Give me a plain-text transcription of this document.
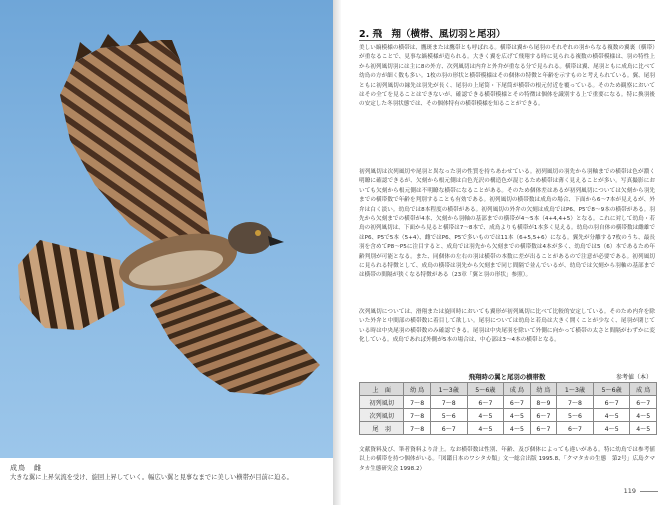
成鳥　雌
大きな翼に上昇気流を受け、旋回上昇していく。幅広い翼と見事なまでに美しい横帯が目前に迫る。
2. 飛　翔（横帯、風切羽と尾羽）
美しい縞模様の横帯は、鷹斑または鷹帯とも呼ばれる。横帯は翼から尾羽のそれぞれの羽からなる複数の翼裏（横帯）が重なることで、見事な縞模様が造られる。大きく翼を広げて飛翔する時に見られる複数の横帯模様は、羽の特性上から初列風切羽には主に8の外方、次列風切は内弁と外弁が重なる分で見られる。横帯は翼、尾羽ともに成鳥に比べて幼鳥の方が細く数も多い。1枚の羽の形状と横帯模様はその個体の特徴と年齢を示すものと考えられている。翼、尾羽ともに初列風切の縁先は羽先が長く、尾羽の上尾筒・下尾筒が横帯の根元付近を覆っている。そのため観察においてはその全てを見ることはできないが、確認できる横帯模様とその特徴は個体を識別する上で重要になる。特に換羽後の安定した冬羽状態では、その個体特有の横帯模様を知ることができる。
初列風切は次列風切や尾羽と異なった羽の性質を持ちあわせている。初列風切の羽先から羽軸までの横帯は色が濃く明瞭に確認できるが、欠刻から根元側は白色光沢の構造色が混じるため横帯は薄く見えることが多い。写真撮影においても欠刻から根元側は不明瞭な横帯になることがある。そのため個体差はあるが初列風切については欠刻から羽先までの横帯数で年齢を判別することも有効である。初列風切の横帯数は成鳥の場合、下面から6〜7本が見えるが、外弁は白く淡い。幼鳥では8本程度の横帯がある。初列風切の外弁の欠刻は成鳥ではP6、P5で8〜9本の横帯がある。羽先から欠刻までの横帯が4本、欠刻から羽軸の基部までの横帯が4〜5本（4+4,4+5）となる。これに対して幼鳥・若鳥の初列風切は、下面から見ると横帯は7〜8本で、成鳥よりも横帯が1本多く見える。幼鳥の羽自体の横帯数は雌雄ではP6、P5で5本（5+4）、雌ではP6、P5で多いものでは11本（6+5,5+6）になる。翼先が分離する7枚のうち、最長羽を含めてP8〜P5に注目すると、成鳥では羽先から欠刻までの横帯数は4本が多く、幼鳥では5（6）本であるため年齢判別が可能となる。また、同個体の左右の羽は横帯の本数に差が出ることがあるので注意が必要である。初列風切に見られる特徴として、成鳥の横帯は羽先から欠刻まで同じ間隔で並んでいるが、幼鳥では欠刻から羽軸の基部までは横帯の間隔が狭くなる特徴がある（23章「翼と羽の形状」参照）。
次列風切については、滑翔または旋回時においても翼形が初列風切に比べて比較的安定している。そのため内弁を除いた外弁と中間部の横帯数に着目して欲しい。尾羽については幼鳥と若鳥は大きく開くことが少なく、尾羽が閉じている時は中央尾羽の横帯数のみ確認できる。尾羽は中央尾羽を除いて外側に向かって横帯の太さと間隔がわずかに変化している。成鳥であれば外側が5本の場合は、中心部は3〜4本の横帯となる。
飛翔時の翼と尾羽の横帯数	参考値（本）
上　面	幼 鳥	1〜3歳	5〜6歳	成 鳥	幼 鳥	1〜3歳	5〜6歳	成 鳥
初列風切	7〜8	7〜8	6〜7	6〜7	8〜9	7〜8	6〜7	6〜7
次列風切	7〜8	5〜6	4〜5	4〜5	6〜7	5〜6	4〜5	4〜5
尾　羽	7〜8	6〜7	4〜5	4〜5	6〜7	6〜7	4〜5	4〜5
文献資料及び、筆者資料より計上。なお横帯数は性別、年齢、及び個体によっても違いがある。特に幼鳥では参考値以上の横帯を持つ個体がいる。「図鑑日本のワシタカ類」文一総合出版 1995.8、「クマタカの生態　第2号」広島クマタカ生態研究会 1998.2）
119
